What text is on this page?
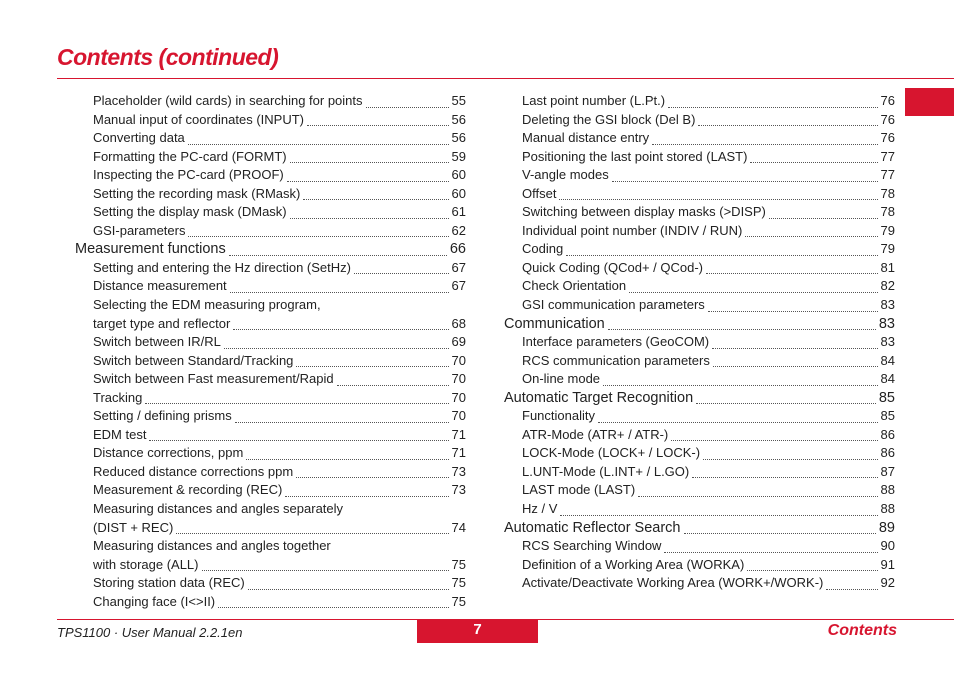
Contents (continued)
Placeholder (wild cards) in searching for points	55
Manual input of coordinates (INPUT)	56
Converting data	56
Formatting the PC-card (FORMT)	59
Inspecting the PC-card (PROOF)	60
Setting the recording mask (RMask)	60
Setting the display mask (DMask)	61
GSI-parameters	62
Measurement functions	66
Setting and entering the Hz direction (SetHz)	67
Distance measurement	67
Selecting the EDM measuring program,
target type and reflector	68
Switch between IR/RL	69
Switch between Standard/Tracking	70
Switch between Fast measurement/Rapid	70
Tracking	70
Setting / defining prisms	70
EDM test	71
Distance corrections, ppm	71
Reduced distance corrections ppm	73
Measurement & recording (REC)	73
Measuring distances and angles separately
(DIST + REC)	74
Measuring distances and angles together
with storage (ALL)	75
Storing station data (REC)	75
Changing face (I<>II)	75
Last point number (L.Pt.)	76
Deleting the GSI block (Del B)	76
Manual distance entry	76
Positioning the last point stored (LAST)	77
V-angle modes	77
Offset	78
Switching between display masks (>DISP)	78
Individual point number (INDIV / RUN)	79
Coding	79
Quick Coding (QCod+ / QCod-)	81
Check Orientation	82
GSI communication parameters	83
Communication	83
Interface parameters (GeoCOM)	83
RCS communication parameters	84
On-line mode	84
Automatic Target Recognition	85
Functionality	85
ATR-Mode (ATR+ / ATR-)	86
LOCK-Mode (LOCK+ / LOCK-)	86
L.UNT-Mode (L.INT+ / L.GO)	87
LAST mode (LAST)	88
Hz / V	88
Automatic Reflector Search	89
RCS Searching Window	90
Definition of a Working Area (WORKA)	91
Activate/Deactivate Working Area (WORK+/WORK-)	92
TPS1100 · User Manual 2.2.1en	7	Contents
